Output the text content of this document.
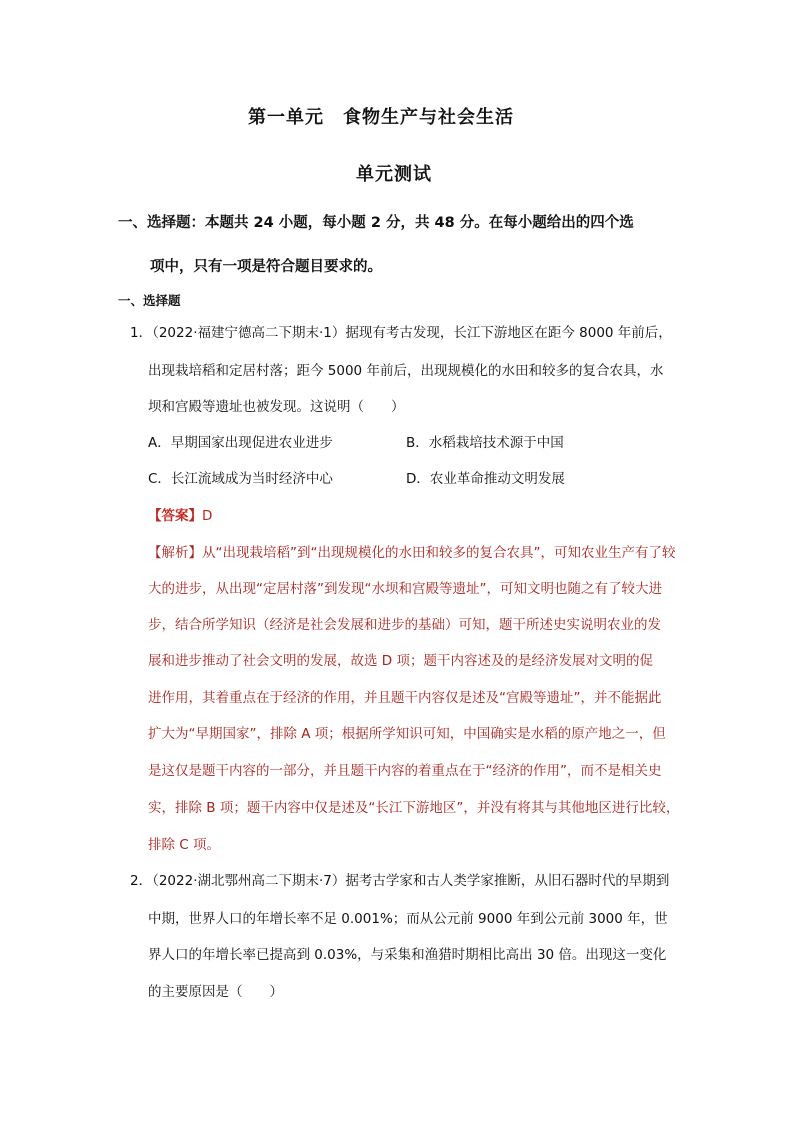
第一单元　食物生产与社会生活
单元测试
一、选择题：本题共 24 小题，每小题 2 分，共 48 分。在每小题给出的四个选
项中，只有一项是符合题目要求的。
一、选择题
1．（2022·福建宁德高二下期末·1）据现有考古发现，长江下游地区在距今 8000 年前后，
出现栽培稻和定居村落；距今 5000 年前后，出现规模化的水田和较多的复合农具，水
坝和宫殿等遗址也被发现。这说明（　　）
A．早期国家出现促进农业进步	B．水稻栽培技术源于中国
C．长江流域成为当时经济中心	D．农业革命推动文明发展
【答案】D
【解析】从“出现栽培稻”到“出现规模化的水田和较多的复合农具”，可知农业生产有了较
大的进步，从出现“定居村落”到发现“水坝和宫殿等遗址”，可知文明也随之有了较大进
步，结合所学知识（经济是社会发展和进步的基础）可知，题干所述史实说明农业的发
展和进步推动了社会文明的发展，故选 D 项；题干内容述及的是经济发展对文明的促
进作用，其着重点在于经济的作用，并且题干内容仅是述及“宫殿等遗址”，并不能据此
扩大为“早期国家”，排除 A 项；根据所学知识可知，中国确实是水稻的原产地之一，但
是这仅是题干内容的一部分，并且题干内容的着重点在于“经济的作用”，而不是相关史
实，排除 B 项；题干内容中仅是述及“长江下游地区”，并没有将其与其他地区进行比较，
排除 C 项。
2．（2022·湖北鄂州高二下期末·7）据考古学家和古人类学家推断，从旧石器时代的早期到
中期，世界人口的年增长率不足 0.001%；而从公元前 9000 年到公元前 3000 年，世
界人口的年增长率已提高到 0.03%，与采集和渔猎时期相比高出 30 倍。出现这一变化
的主要原因是（　　）
